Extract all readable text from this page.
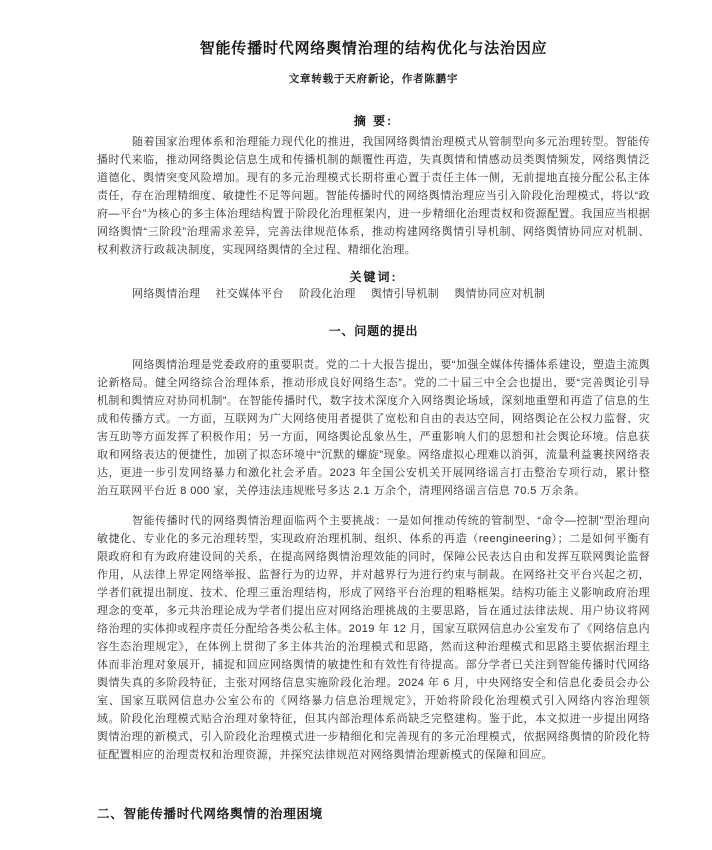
智能传播时代网络舆情治理的结构优化与法治因应
文章转载于天府新论，作者陈鹏宇
摘 要:

随着国家治理体系和治理能力现代化的推进，我国网络舆情治理模式从管制型向多元治理转型。智能传播时代来临，推动网络舆论信息生成和传播机制的颠覆性再造，失真舆情和情感动员类舆情频发，网络舆情泛道德化、舆情突变风险增加。现有的多元治理模式长期将重心置于责任主体一侧，无前提地直接分配公私主体责任，存在治理精细度、敏捷性不足等问题。智能传播时代的网络舆情治理应当引入阶段化治理模式，将以“政府—平台”为核心的多主体治理结构置于阶段化治理框架内，进一步精细化治理责权和资源配置。我国应当根据网络舆情“三阶段”治理需求差异，完善法律规范体系，推动构建网络舆情引导机制、网络舆情协同应对机制、权利救济行政裁决制度，实现网络舆情的全过程、精细化治理。

关键词:

网络舆情治理 社交媒体平台 阶段化治理 舆情引导机制 舆情协同应对机制

一、问题的提出

网络舆情治理是党委政府的重要职责。党的二十大报告提出，要“加强全媒体传播体系建设，塑造主流舆论新格局。健全网络综合治理体系，推动形成良好网络生态”。党的二十届三中全会也提出，要“完善舆论引导机制和舆情应对协同机制”。在智能传播时代，数字技术深度介入网络舆论场域，深刻地重塑和再造了信息的生成和传播方式。一方面，互联网为广大网络使用者提供了宽松和自由的表达空间，网络舆论在公权力监督、灾害互助等方面发挥了积极作用；另一方面，网络舆论乱象丛生，严重影响人们的思想和社会舆论环境。信息获取和网络表达的便捷性，加剧了拟态环境中“沉默的螺旋”现象。网络虚拟心理难以消弭，流量利益裹挟网络表达，更进一步引发网络暴力和激化社会矛盾。2023 年全国公安机关开展网络谣言打击整治专项行动，累计整治互联网平台近 8 000 家，关停违法违规账号多达 2.1 万余个，清理网络谣言信息 70.5 万余条。

智能传播时代的网络舆情治理面临两个主要挑战：一是如何推动传统的管制型、“命令—控制”型治理向敏捷化、专业化的多元治理转型，实现政府治理机制、组织、体系的再造（reengineering）；二是如何平衡有限政府和有为政府建设间的关系，在提高网络舆情治理效能的同时，保障公民表达自由和发挥互联网舆论监督作用，从法律上界定网络举报、监督行为的边界，并对越界行为进行约束与制裁。在网络社交平台兴起之初，学者们就提出制度、技术、伦理三重治理结构，形成了网络平台治理的粗略框架。结构功能主义影响政府治理理念的变革，多元共治理论成为学者们提出应对网络治理挑战的主要思路，旨在通过法律法规、用户协议将网络治理的实体抑或程序责任分配给各类公私主体。2019 年 12 月，国家互联网信息办公室发布了《网络信息内容生态治理规定》，在体例上贯彻了多主体共治的治理模式和思路，然而这种治理模式和思路主要依据治理主体而非治理对象展开，捕捉和回应网络舆情的敏捷性和有效性有待提高。部分学者已关注到智能传播时代网络舆情失真的多阶段特征，主张对网络信息实施阶段化治理。2024 年 6 月，中央网络安全和信息化委员会办公室、国家互联网信息办公室公布的《网络暴力信息治理规定》，开始将阶段化治理模式引入网络内容治理领域。阶段化治理模式贴合治理对象特征，但其内部治理体系尚缺乏完整建构。鉴于此，本文拟进一步提出网络舆情治理的新模式，引入阶段化治理模式进一步精细化和完善现有的多元治理模式，依据网络舆情的阶段化特征配置相应的治理责权和治理资源，并探究法律规范对网络舆情治理新模式的保障和回应。

二、智能传播时代网络舆情的治理困境
